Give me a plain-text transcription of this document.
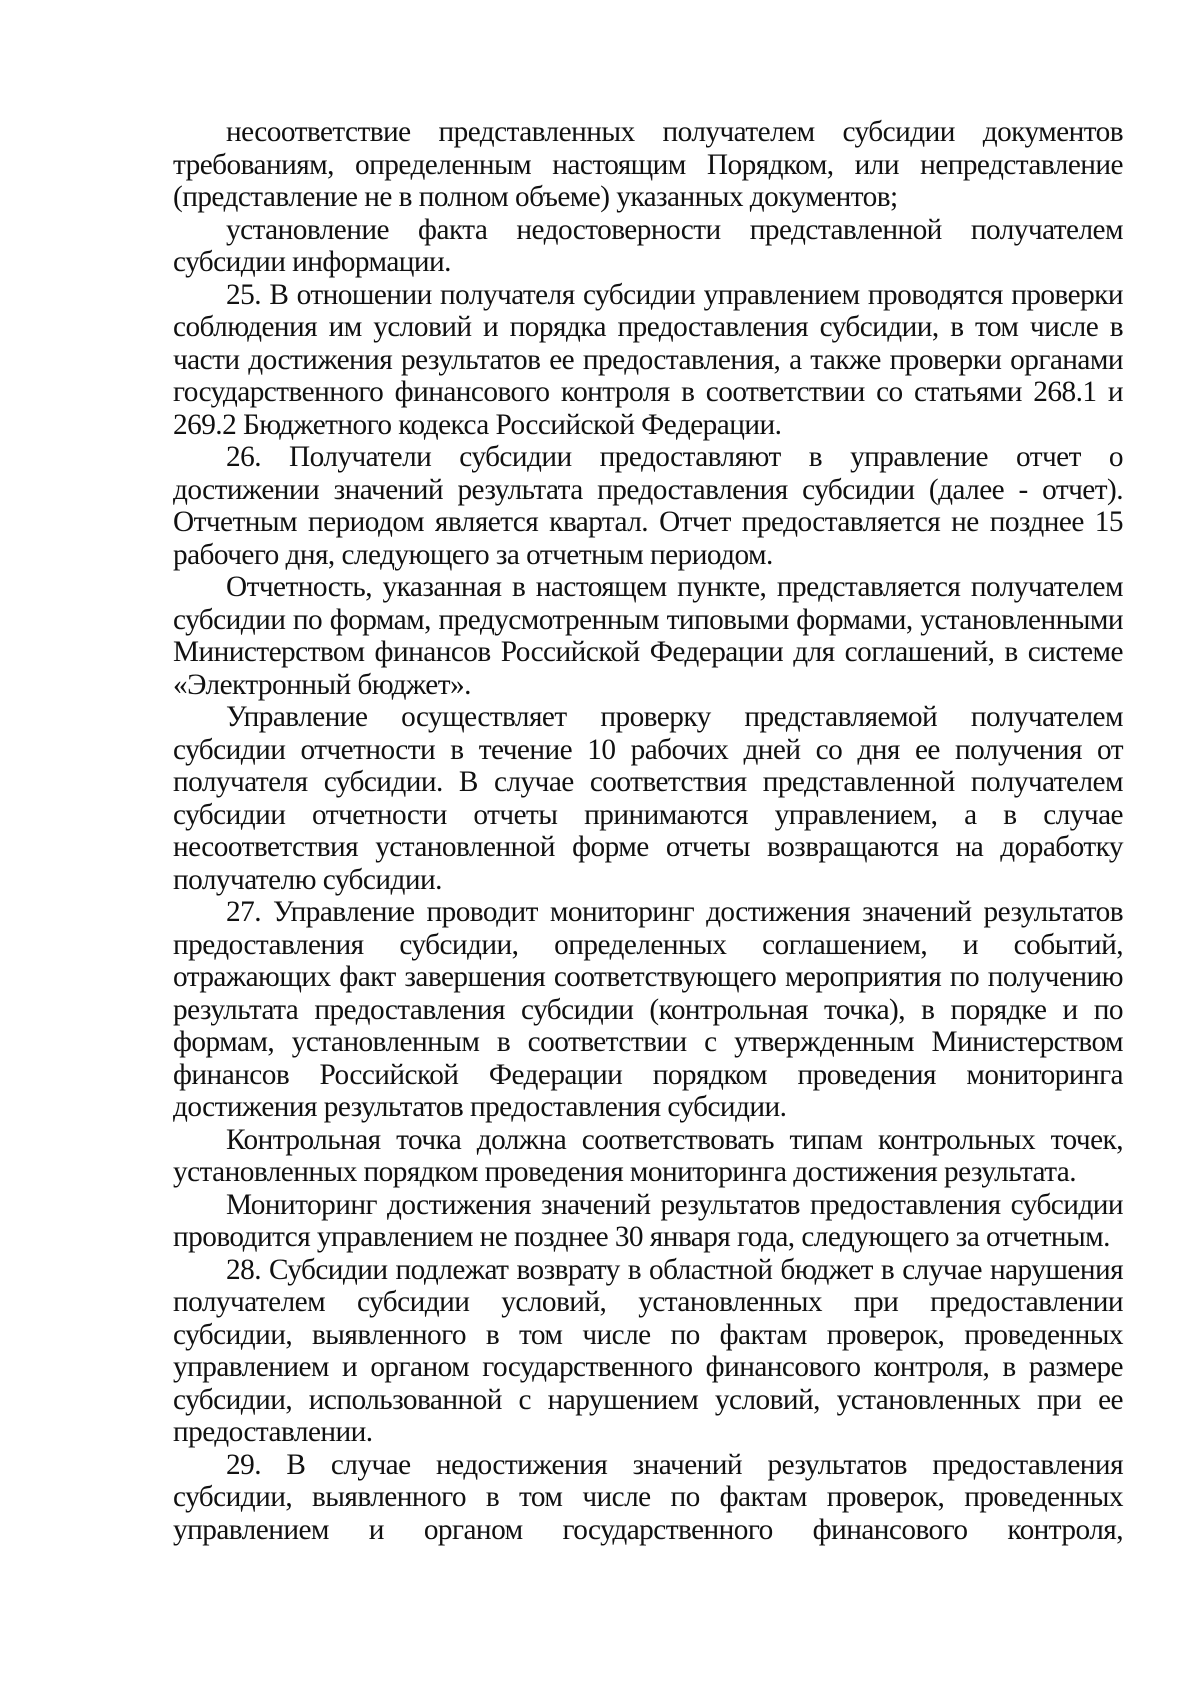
несоответствие представленных получателем субсидии документов требованиям, определенным настоящим Порядком, или непредставление (представление не в полном объеме) указанных документов;

установление факта недостоверности представленной получателем субсидии информации.

25. В отношении получателя субсидии управлением проводятся проверки соблюдения им условий и порядка предоставления субсидии, в том числе в части достижения результатов ее предоставления, а также проверки органами государственного финансового контроля в соответствии со статьями 268.1 и 269.2 Бюджетного кодекса Российской Федерации.

26. Получатели субсидии предоставляют в управление отчет о достижении значений результата предоставления субсидии (далее - отчет). Отчетным периодом является квартал. Отчет предоставляется не позднее 15 рабочего дня, следующего за отчетным периодом.

Отчетность, указанная в настоящем пункте, представляется получателем субсидии по формам, предусмотренным типовыми формами, установленными Министерством финансов Российской Федерации для соглашений, в системе «Электронный бюджет».

Управление осуществляет проверку представляемой получателем субсидии отчетности в течение 10 рабочих дней со дня ее получения от получателя субсидии. В случае соответствия представленной получателем субсидии отчетности отчеты принимаются управлением, а в случае несоответствия установленной форме отчеты возвращаются на доработку получателю субсидии.

27. Управление проводит мониторинг достижения значений результатов предоставления субсидии, определенных соглашением, и событий, отражающих факт завершения соответствующего мероприятия по получению результата предоставления субсидии (контрольная точка), в порядке и по формам, установленным в соответствии с утвержденным Министерством финансов Российской Федерации порядком проведения мониторинга достижения результатов предоставления субсидии.

Контрольная точка должна соответствовать типам контрольных точек, установленных порядком проведения мониторинга достижения результата.

Мониторинг достижения значений результатов предоставления субсидии проводится управлением не позднее 30 января года, следующего за отчетным.

28. Субсидии подлежат возврату в областной бюджет в случае нарушения получателем субсидии условий, установленных при предоставлении субсидии, выявленного в том числе по фактам проверок, проведенных управлением и органом государственного финансового контроля, в размере субсидии, использованной с нарушением условий, установленных при ее предоставлении.

29. В случае недостижения значений результатов предоставления субсидии, выявленного в том числе по фактам проверок, проведенных управлением и органом государственного финансового контроля,
